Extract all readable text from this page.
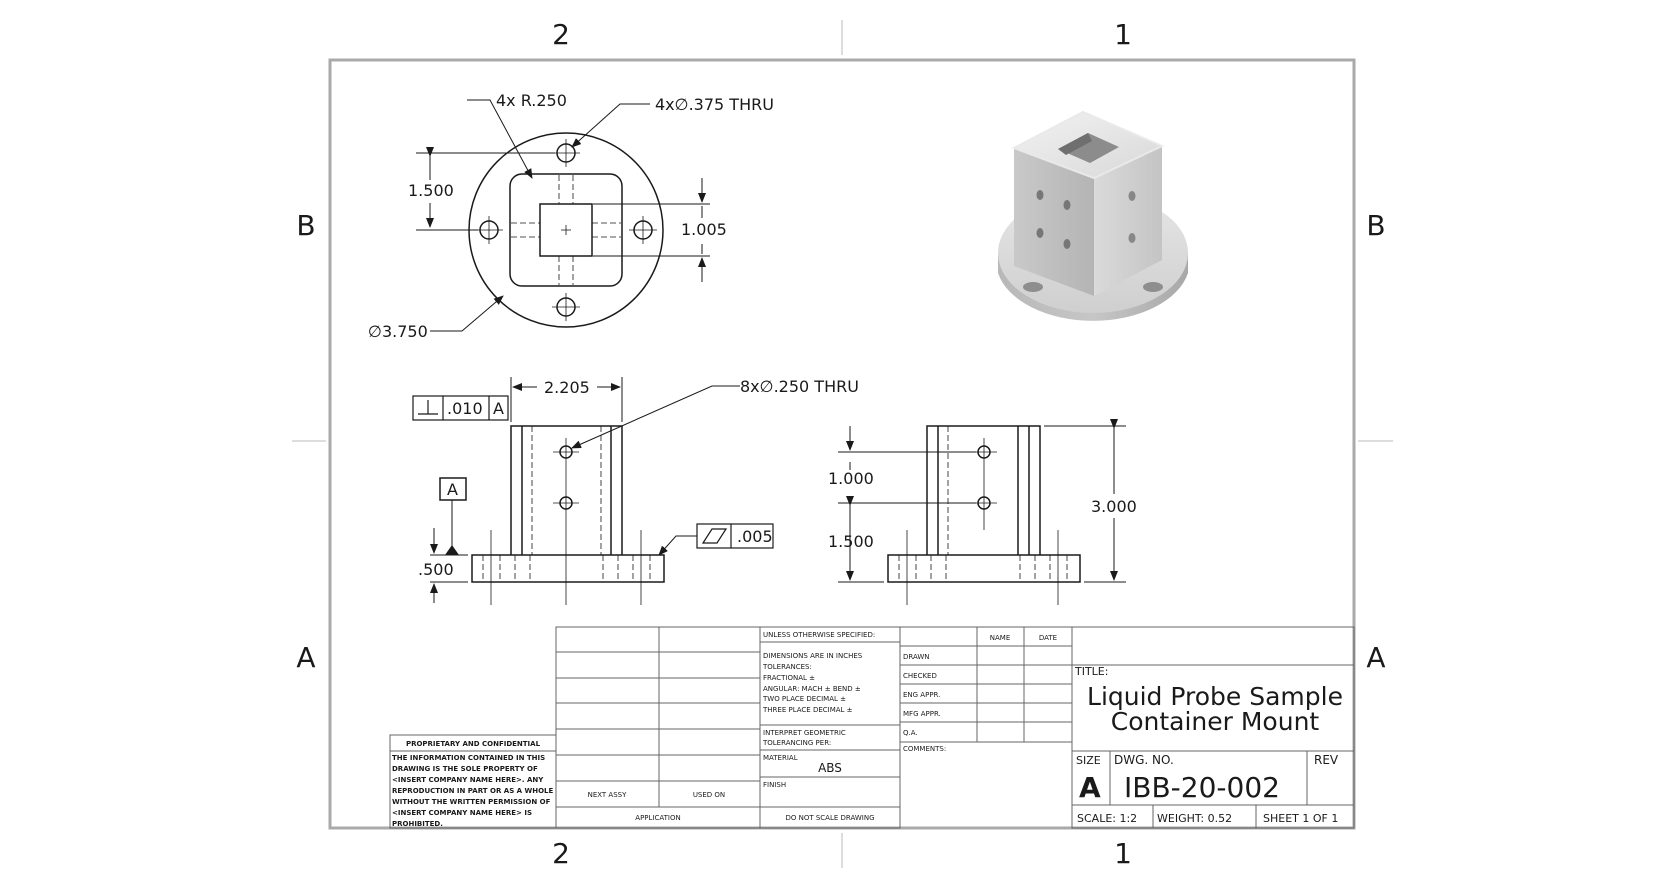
2	1
2	1
B
A
B
A
4x R.250	4x∅.375 THRU
1.500
1.005
∅3.750
2.205	8x∅.250 THRU
.010 A
A
.500
.005
1.000
1.500
3.000
PROPRIETARY AND CONFIDENTIAL
THE INFORMATION CONTAINED IN THIS
DRAWING IS THE SOLE PROPERTY OF
<INSERT COMPANY NAME HERE>. ANY
REPRODUCTION IN PART OR AS A WHOLE
WITHOUT THE WRITTEN PERMISSION OF
<INSERT COMPANY NAME HERE> IS
PROHIBITED.
NEXT ASSY	USED ON
APPLICATION
UNLESS OTHERWISE SPECIFIED:
DIMENSIONS ARE IN INCHES
TOLERANCES:
FRACTIONAL ±
ANGULAR: MACH ± BEND ±
TWO PLACE DECIMAL ±
THREE PLACE DECIMAL ±
INTERPRET GEOMETRIC
TOLERANCING PER:
MATERIAL
ABS
FINISH
DO NOT SCALE DRAWING
NAME	DATE
DRAWN
CHECKED
ENG APPR.
MFG APPR.
Q.A.
COMMENTS:
TITLE:
Liquid Probe Sample
Container Mount
SIZE
A
DWG. NO.
IBB-20-002
REV
SCALE: 1:2 WEIGHT: 0.52	SHEET 1 OF 1
